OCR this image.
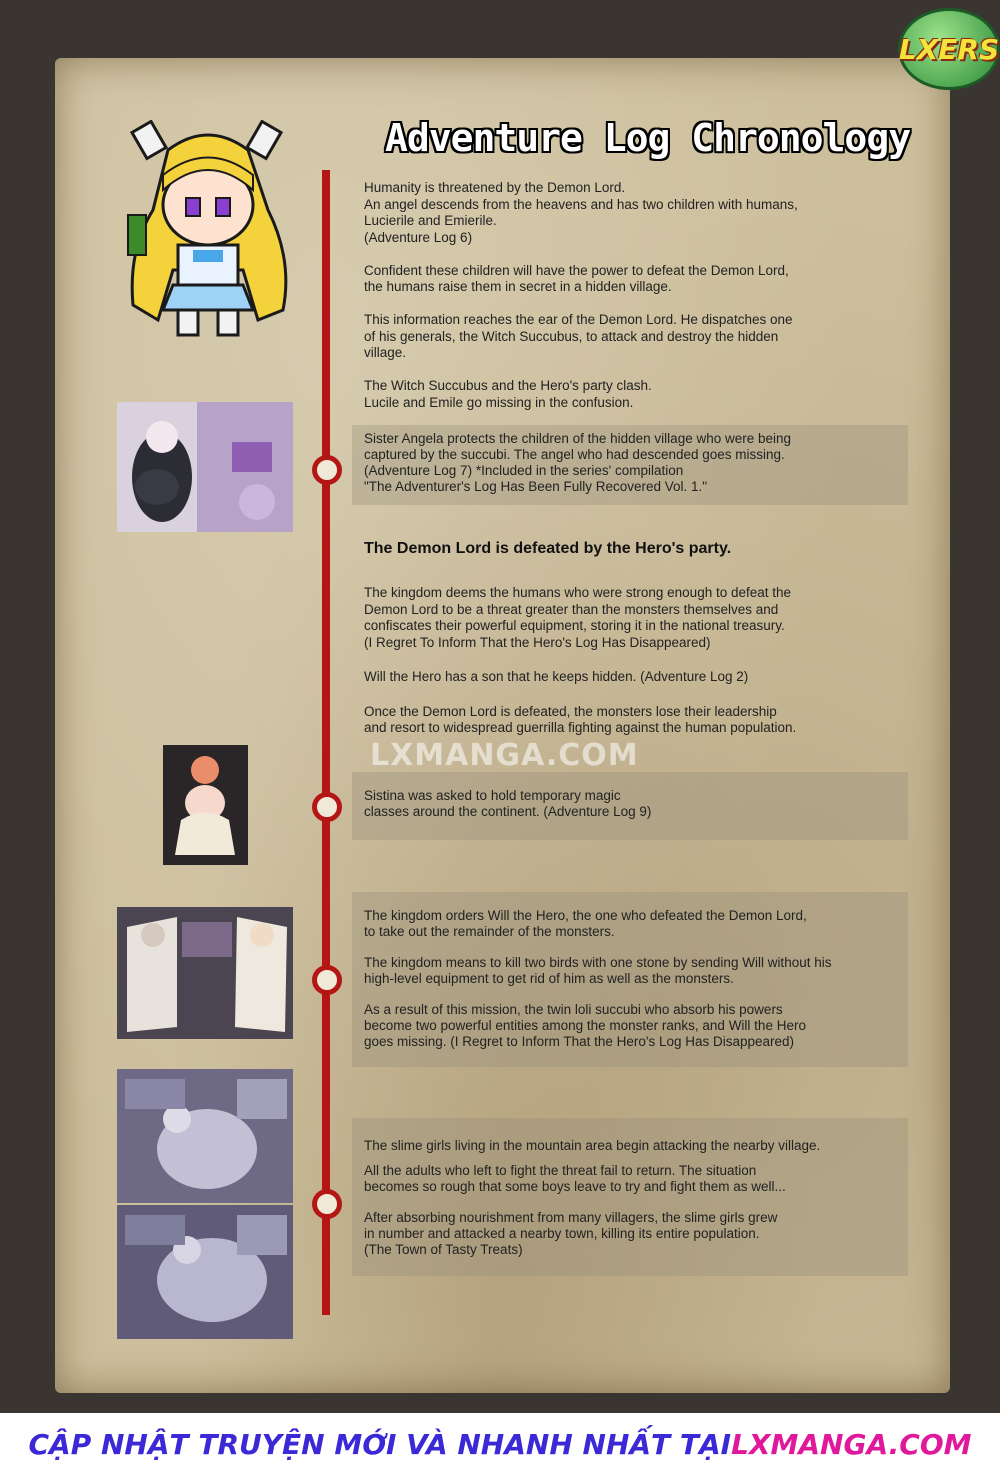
LXERS
Adventure Log Chronology

Humanity is threatened by the Demon Lord.

An angel descends from the heavens and has two children with humans,

Lucierile and Emierile.

(Adventure Log 6)

Confident these children will have the power to defeat the Demon Lord,

the humans raise them in secret in a hidden village.

This information reaches the ear of the Demon Lord. He dispatches one

of his generals, the Witch Succubus, to attack and destroy the hidden

village.

The Witch Succubus and the Hero's party clash.

Lucile and Emile go missing in the confusion.

Sister Angela protects the children of the hidden village who were being

captured by the succubi. The angel who had descended goes missing.

(Adventure Log 7) *Included in the series' compilation

"The Adventurer's Log Has Been Fully Recovered Vol. 1."

The Demon Lord is defeated by the Hero's party.

The kingdom deems the humans who were strong enough to defeat the

Demon Lord to be a threat greater than the monsters themselves and

confiscates their powerful equipment, storing it in the national treasury.

(I Regret To Inform That the Hero's Log Has Disappeared)

Will the Hero has a son that he keeps hidden. (Adventure Log 2)

Once the Demon Lord is defeated, the monsters lose their leadership

and resort to widespread guerrilla fighting against the human population.

LXMANGA.COM

Sistina was asked to hold temporary magic

classes around the continent. (Adventure Log 9)

The kingdom orders Will the Hero, the one who defeated the Demon Lord,

to take out the remainder of the monsters.

The kingdom means to kill two birds with one stone by sending Will without his

high-level equipment to get rid of him as well as the monsters.

As a result of this mission, the twin loli succubi who absorb his powers

become two powerful entities among the monster ranks, and Will the Hero

goes missing. (I Regret to Inform That the Hero's Log Has Disappeared)

The slime girls living in the mountain area begin attacking the nearby village.

All the adults who left to fight the threat fail to return. The situation

becomes so rough that some boys leave to try and fight them as well...

After absorbing nourishment from many villagers, the slime girls grew

in number and attacked a nearby town, killing its entire population.

(The Town of Tasty Treats)

CẬP NHẬT TRUYỆN MỚI VÀ NHANH NHẤT TẠI LXMANGA.COM
